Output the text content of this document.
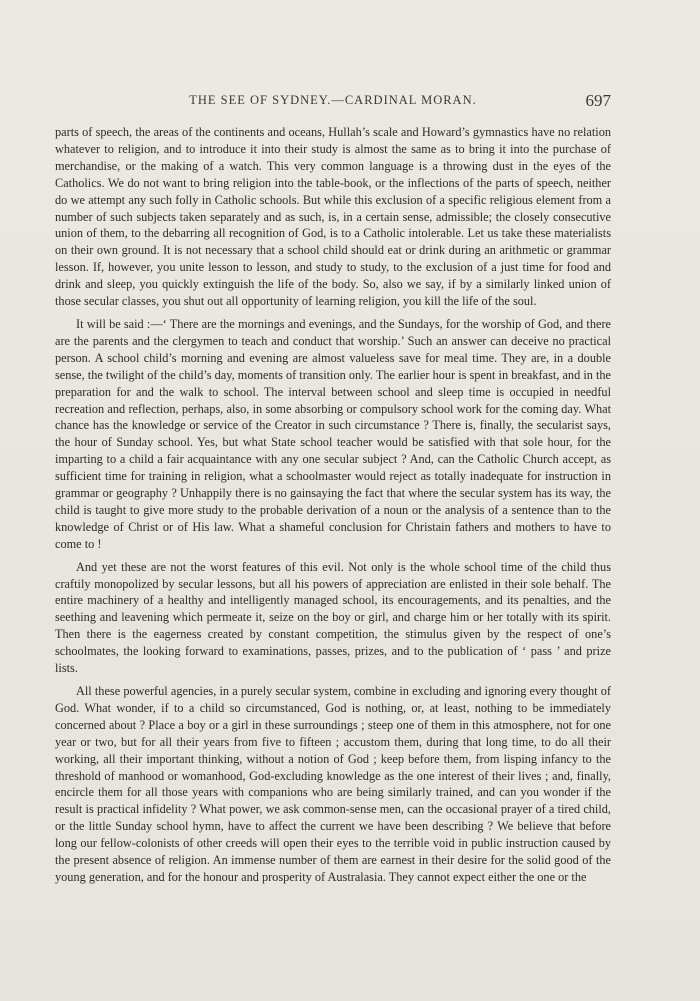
THE SEE OF SYDNEY.—CARDINAL MORAN.	697

parts of speech, the areas of the continents and oceans, Hullah’s scale and Howard’s gymnastics have no relation whatever to religion, and to introduce it into their study is almost the same as to bring it into the purchase of merchandise, or the making of a watch. This very common language is a throwing dust in the eyes of the Catholics. We do not want to bring religion into the table-book, or the inflections of the parts of speech, neither do we attempt any such folly in Catholic schools. But while this exclusion of a specific religious element from a number of such subjects taken separately and as such, is, in a certain sense, admissible; the closely consecutive union of them, to the debarring all recognition of God, is to a Catholic intolerable. Let us take these materialists on their own ground. It is not necessary that a school child should eat or drink during an arithmetic or grammar lesson. If, however, you unite lesson to lesson, and study to study, to the exclusion of a just time for food and drink and sleep, you quickly extinguish the life of the body. So, also we say, if by a similarly linked union of those secular classes, you shut out all opportunity of learning religion, you kill the life of the soul.

It will be said :—‘ There are the mornings and evenings, and the Sundays, for the worship of God, and there are the parents and the clergymen to teach and conduct that worship.’ Such an answer can deceive no practical person. A school child’s morning and evening are almost valueless save for meal time. They are, in a double sense, the twilight of the child’s day, moments of transition only. The earlier hour is spent in breakfast, and in the preparation for and the walk to school. The interval between school and sleep time is occupied in needful recreation and reflection, perhaps, also, in some absorbing or compulsory school work for the coming day. What chance has the knowledge or service of the Creator in such circumstance ? There is, finally, the secularist says, the hour of Sunday school. Yes, but what State school teacher would be satisfied with that sole hour, for the imparting to a child a fair acquaintance with any one secular subject ? And, can the Catholic Church accept, as sufficient time for training in religion, what a schoolmaster would reject as totally inadequate for instruction in grammar or geography ? Unhappily there is no gainsaying the fact that where the secular system has its way, the child is taught to give more study to the probable derivation of a noun or the analysis of a sentence than to the knowledge of Christ or of His law. What a shameful conclusion for Christain fathers and mothers to have to come to !

And yet these are not the worst features of this evil. Not only is the whole school time of the child thus craftily monopolized by secular lessons, but all his powers of appreciation are enlisted in their sole behalf. The entire machinery of a healthy and intelligently managed school, its encouragements, and its penalties, and the seething and leavening which permeate it, seize on the boy or girl, and charge him or her totally with its spirit. Then there is the eagerness created by constant competition, the stimulus given by the respect of one’s schoolmates, the looking forward to examinations, passes, prizes, and to the publication of ‘ pass ’ and prize lists.

All these powerful agencies, in a purely secular system, combine in excluding and ignoring every thought of God. What wonder, if to a child so circumstanced, God is nothing, or, at least, nothing to be immediately concerned about ? Place a boy or a girl in these surroundings ; steep one of them in this atmosphere, not for one year or two, but for all their years from five to fifteen ; accustom them, during that long time, to do all their working, all their important thinking, without a notion of God ; keep before them, from lisping infancy to the threshold of manhood or womanhood, God-excluding knowledge as the one interest of their lives ; and, finally, encircle them for all those years with companions who are being similarly trained, and can you wonder if the result is practical infidelity ? What power, we ask common-sense men, can the occasional prayer of a tired child, or the little Sunday school hymn, have to affect the current we have been describing ? We believe that before long our fellow-colonists of other creeds will open their eyes to the terrible void in public instruction caused by the present absence of religion. An immense number of them are earnest in their desire for the solid good of the young generation, and for the honour and prosperity of Australasia. They cannot expect either the one or the
